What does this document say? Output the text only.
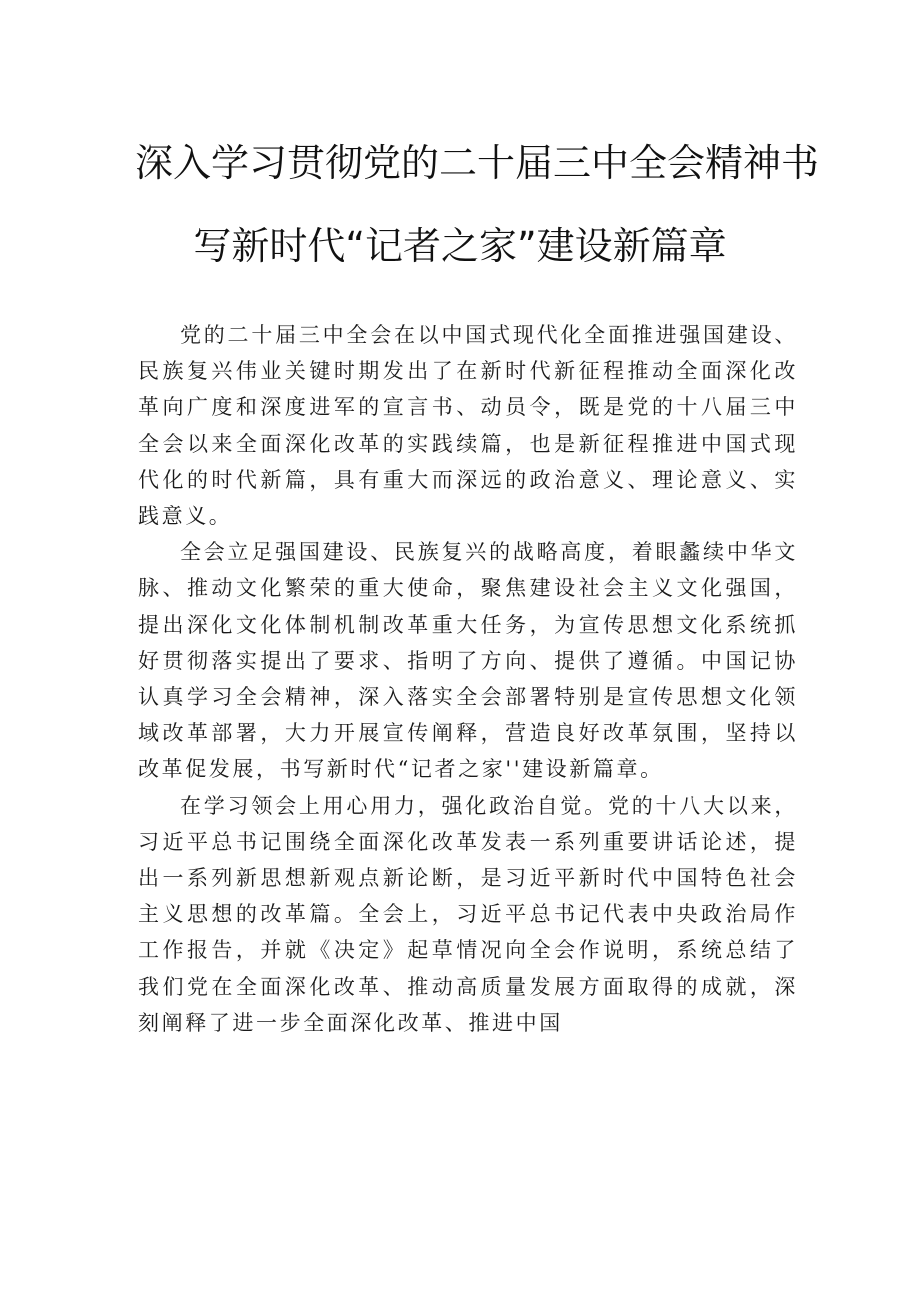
深入学习贯彻党的二十届三中全会精神书
写新时代“记者之家”建设新篇章

党的二十届三中全会在以中国式现代化全面推进强国建设、民族复兴伟业关键时期发出了在新时代新征程推动全面深化改革向广度和深度进军的宣言书、动员令，既是党的十八届三中全会以来全面深化改革的实践续篇，也是新征程推进中国式现代化的时代新篇，具有重大而深远的政治意义、理论意义、实践意义。

全会立足强国建设、民族复兴的战略高度，着眼蠡续中华文脉、推动文化繁荣的重大使命，聚焦建设社会主义文化强国，提出深化文化体制机制改革重大任务，为宣传思想文化系统抓好贯彻落实提出了要求、指明了方向、提供了遵循。中国记协认真学习全会精神，深入落实全会部署特别是宣传思想文化领域改革部署，大力开展宣传阐释，营造良好改革氛围，坚持以改革促发展，书写新时代“记者之家''建设新篇章。

在学习领会上用心用力，强化政治自觉。党的十八大以来，习近平总书记围绕全面深化改革发表一系列重要讲话论述，提出一系列新思想新观点新论断，是习近平新时代中国特色社会主义思想的改革篇。全会上，习近平总书记代表中央政治局作工作报告，并就《决定》起草情况向全会作说明，系统总结了我们党在全面深化改革、推动高质量发展方面取得的成就，深刻阐释了进一步全面深化改革、推进中国
